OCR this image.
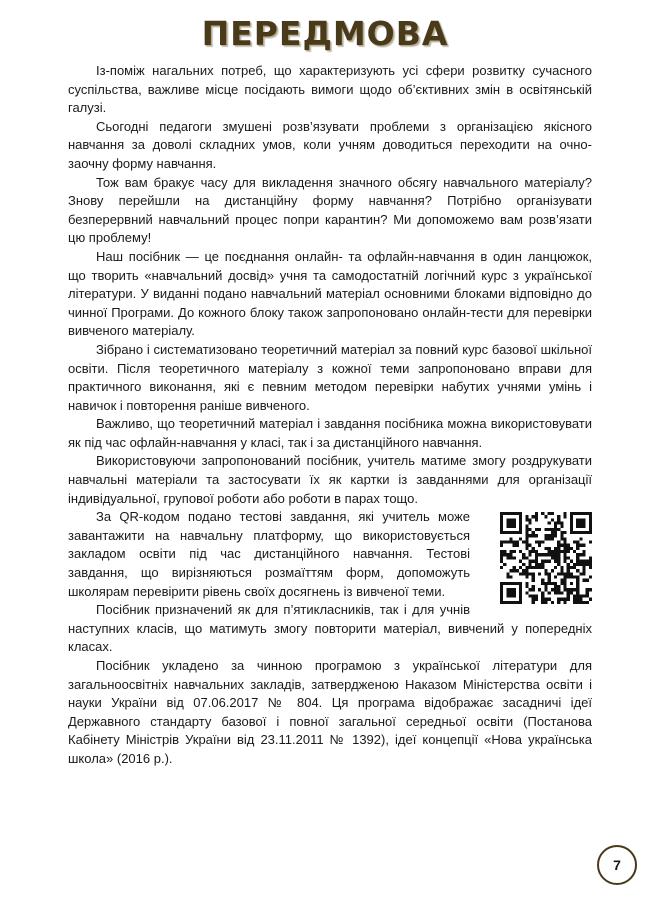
ПЕРЕДМОВА

Із-поміж нагальних потреб, що характеризують усі сфери розвитку сучасного суспільства, важливе місце посідають вимоги щодо об’єктивних змін в освітянській галузі.

Сьогодні педагоги змушені розв’язувати проблеми з організацією якісного навчання за доволі складних умов, коли учням доводиться переходити на очно-заочну форму навчання.

Тож вам бракує часу для викладення значного обсягу навчального матеріалу? Знову перейшли на дистанційну форму навчання? Потрібно організувати безперервний навчальний процес попри карантин? Ми допоможемо вам розв’язати цю проблему!

Наш посібник — це поєднання онлайн- та офлайн-навчання в один ланцюжок, що творить «навчальний досвід» учня та самодостатній логічний курс з української літератури. У виданні подано навчальний матеріал основними блоками відповідно до чинної Програми. До кожного блоку також запропоновано онлайн-тести для перевірки вивченого матеріалу.

Зібрано і систематизовано теоретичний матеріал за повний курс базової шкільної освіти. Після теоретичного матеріалу з кожної теми запропоновано вправи для практичного виконання, які є певним методом перевірки набутих учнями умінь і навичок і повторення раніше вивченого.

Важливо, що теоретичний матеріал і завдання посібника можна використовувати як під час офлайн-навчання у класі, так і за дистанційного навчання.

Використовуючи запропонований посібник, учитель матиме змогу роздрукувати навчальні матеріали та застосувати їх як картки із завданнями для організації індивідуальної, групової роботи або роботи в парах тощо.

За QR-кодом подано тестові завдання, які учитель може завантажити на навчальну платформу, що використовується закладом освіти під час дистанційного навчання. Тестові завдання, що вирізняються розмаїттям форм, допоможуть школярам перевірити рівень своїх досягнень із вивченої теми.

Посібник призначений як для п’ятикласників, так і для учнів наступних класів, що матимуть змогу повторити матеріал, вивчений у попередніх класах.

Посібник укладено за чинною програмою з української літератури для загальноосвітніх навчальних закладів, затвердженою Наказом Міністерства освіти і науки України від 07.06.2017 № 804. Ця програма відображає засадничі ідеї Державного стандарту базової і повної загальної середньої освіти (Постанова Кабінету Міністрів України від 23.11.2011 № 1392), ідеї концепції «Нова українська школа» (2016 р.).

7
